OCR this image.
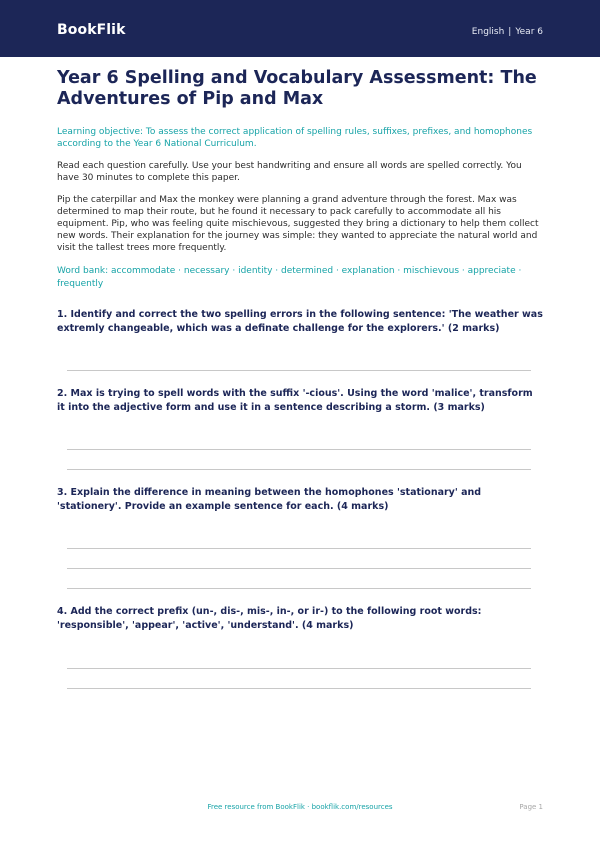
BookFlik	English | Year 6
Year 6 Spelling and Vocabulary Assessment: The Adventures of Pip and Max
Learning objective: To assess the correct application of spelling rules, suffixes, prefixes, and homophones according to the Year 6 National Curriculum.
Read each question carefully. Use your best handwriting and ensure all words are spelled correctly. You have 30 minutes to complete this paper.
Pip the caterpillar and Max the monkey were planning a grand adventure through the forest. Max was determined to map their route, but he found it necessary to pack carefully to accommodate all his equipment. Pip, who was feeling quite mischievous, suggested they bring a dictionary to help them collect new words. Their explanation for the journey was simple: they wanted to appreciate the natural world and visit the tallest trees more frequently.
Word bank: accommodate · necessary · identity · determined · explanation · mischievous · appreciate · frequently
1. Identify and correct the two spelling errors in the following sentence: 'The weather was extremly changeable, which was a definate challenge for the explorers.' (2 marks)
2. Max is trying to spell words with the suffix '-cious'. Using the word 'malice', transform it into the adjective form and use it in a sentence describing a storm. (3 marks)
3. Explain the difference in meaning between the homophones 'stationary' and 'stationery'. Provide an example sentence for each. (4 marks)
4. Add the correct prefix (un-, dis-, mis-, in-, or ir-) to the following root words: 'responsible', 'appear', 'active', 'understand'. (4 marks)
Free resource from BookFlik · bookflik.com/resources	Page 1
